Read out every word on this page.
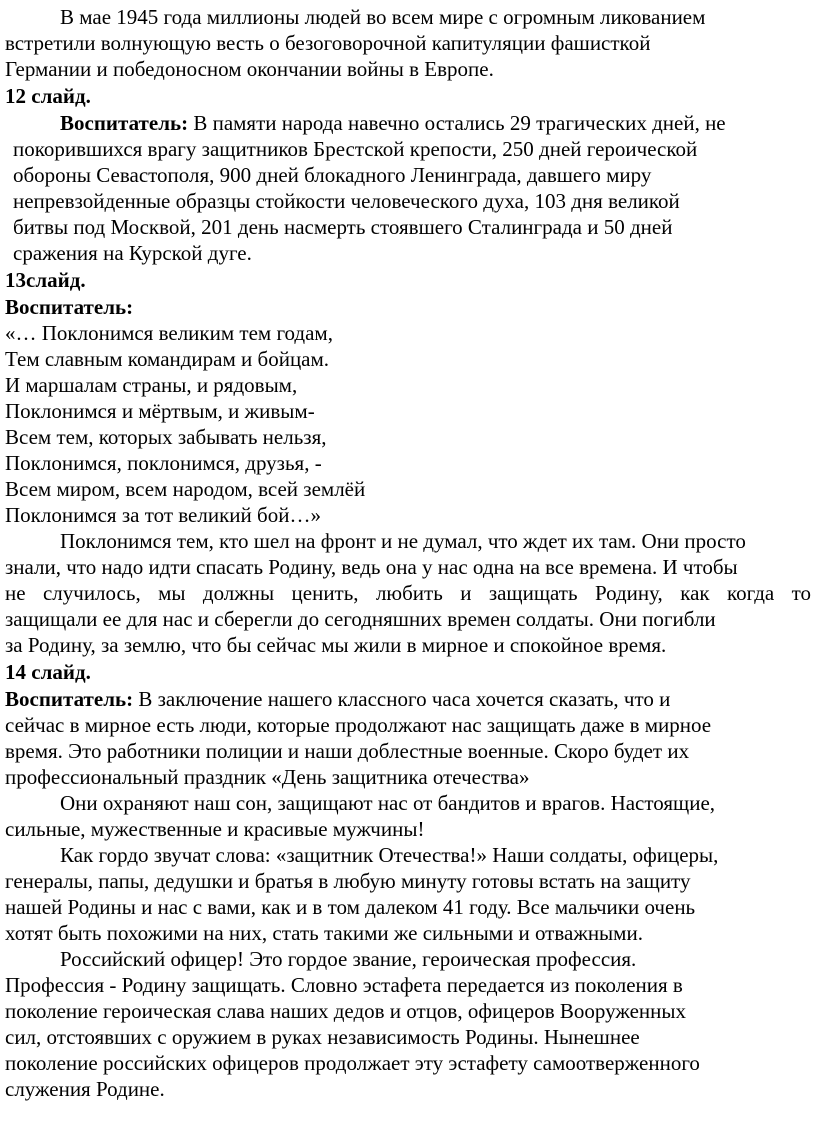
В мае 1945 года миллионы людей во всем мире с огромным ликованием
встретили волнующую весть о безоговорочной капитуляции фашисткой
Германии и победоносном окончании войны в Европе.
12 слайд.
Воспитатель: В памяти народа навечно остались 29 трагических дней, не
покорившихся врагу защитников Брестской крепости, 250 дней героической
обороны Севастополя, 900 дней блокадного Ленинграда, давшего миру
непревзойденные образцы стойкости человеческого духа, 103 дня великой
битвы под Москвой, 201 день насмерть стоявшего Сталинграда и 50 дней
сражения на Курской дуге.
13слайд.
Воспитатель:
«… Поклонимся великим тем годам,
Тем славным командирам и бойцам.
И маршалам страны, и рядовым,
Поклонимся и мёртвым, и живым-
Всем тем, которых забывать нельзя,
Поклонимся, поклонимся, друзья, -
Всем миром, всем народом, всей землёй
Поклонимся за тот великий бой…»
Поклонимся тем, кто шел на фронт и не думал, что ждет их там. Они просто
знали, что надо идти спасать Родину, ведь она у нас одна на все времена. И чтобы
не случилось, мы должны ценить, любить и защищать Родину, как когда то
защищали ее для нас и сберегли до сегодняшних времен солдаты. Они погибли
за Родину, за землю, что бы сейчас мы жили в мирное и спокойное время.
14 слайд.
Воспитатель: В заключение нашего классного часа хочется сказать, что и
сейчас в мирное есть люди, которые продолжают нас защищать даже в мирное
время. Это работники полиции и наши доблестные военные. Скоро будет их
профессиональный праздник «День защитника отечества»
Они охраняют наш сон, защищают нас от бандитов и врагов. Настоящие,
сильные, мужественные и красивые мужчины!
Как гордо звучат слова: «защитник Отечества!» Наши солдаты, офицеры,
генералы, папы, дедушки и братья в любую минуту готовы встать на защиту
нашей Родины и нас с вами, как и в том далеком 41 году. Все мальчики очень
хотят быть похожими на них, стать такими же сильными и отважными.
Российский офицер! Это гордое звание, героическая профессия.
Профессия - Родину защищать. Словно эстафета передается из поколения в
поколение героическая слава наших дедов и отцов, офицеров Вооруженных
сил, отстоявших с оружием в руках независимость Родины. Нынешнее
поколение российских офицеров продолжает эту эстафету самоотверженного
служения Родине.
